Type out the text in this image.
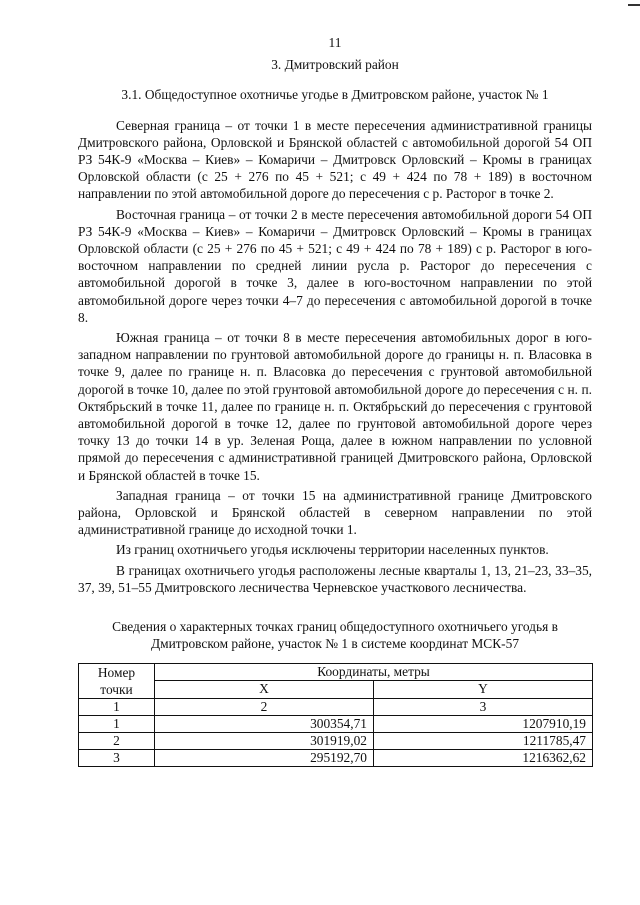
11
3. Дмитровский район
3.1. Общедоступное охотничье угодье в Дмитровском районе, участок № 1

Северная граница – от точки 1 в месте пересечения административной границы Дмитровского района, Орловской и Брянской областей с автомобильной дорогой 54 ОП РЗ 54К-9 «Москва – Киев» – Комаричи – Дмитровск Орловский – Кромы в границах Орловской области (с 25 + 276 по 45 + 521; с 49 + 424 по 78 + 189) в восточном направлении по этой автомобильной дороге до пересечения с р. Расторог в точке 2.

Восточная граница – от точки 2 в месте пересечения автомобильной дороги 54 ОП РЗ 54К-9 «Москва – Киев» – Комаричи – Дмитровск Орловский – Кромы в границах Орловской области (с 25 + 276 по 45 + 521; с 49 + 424 по 78 + 189) с р. Расторог в юго-восточном направлении по средней линии русла р. Расторог до пересечения с автомобильной дорогой в точке 3, далее в юго-восточном направлении по этой автомобильной дороге через точки 4–7 до пересечения с автомобильной дорогой в точке 8.

Южная граница – от точки 8 в месте пересечения автомобильных дорог в юго-западном направлении по грунтовой автомобильной дороге до границы н. п. Власовка в точке 9, далее по границе н. п. Власовка до пересечения с грунтовой автомобильной дорогой в точке 10, далее по этой грунтовой автомобильной дороге до пересечения с н. п. Октябрьский в точке 11, далее по границе н. п. Октябрьский до пересечения с грунтовой автомобильной дорогой в точке 12, далее по грунтовой автомобильной дороге через точку 13 до точки 14 в ур. Зеленая Роща, далее в южном направлении по условной прямой до пересечения с административной границей Дмитровского района, Орловской и Брянской областей в точке 15.

Западная граница – от точки 15 на административной границе Дмитровского района, Орловской и Брянской областей в северном направлении по этой административной границе до исходной точки 1.

Из границ охотничьего угодья исключены территории населенных пунктов.

В границах охотничьего угодья расположены лесные кварталы 1, 13, 21–23, 33–35, 37, 39, 51–55 Дмитровского лесничества Черневское участкового лесничества.

Сведения о характерных точках границ общедоступного охотничьего угодья в Дмитровском районе, участок № 1 в системе координат МСК-57
Номер точки	Координаты, метры	
	X	Y
1	2	3
1	300354,71	1207910,19
2	301919,02	1211785,47
3	295192,70	1216362,62
